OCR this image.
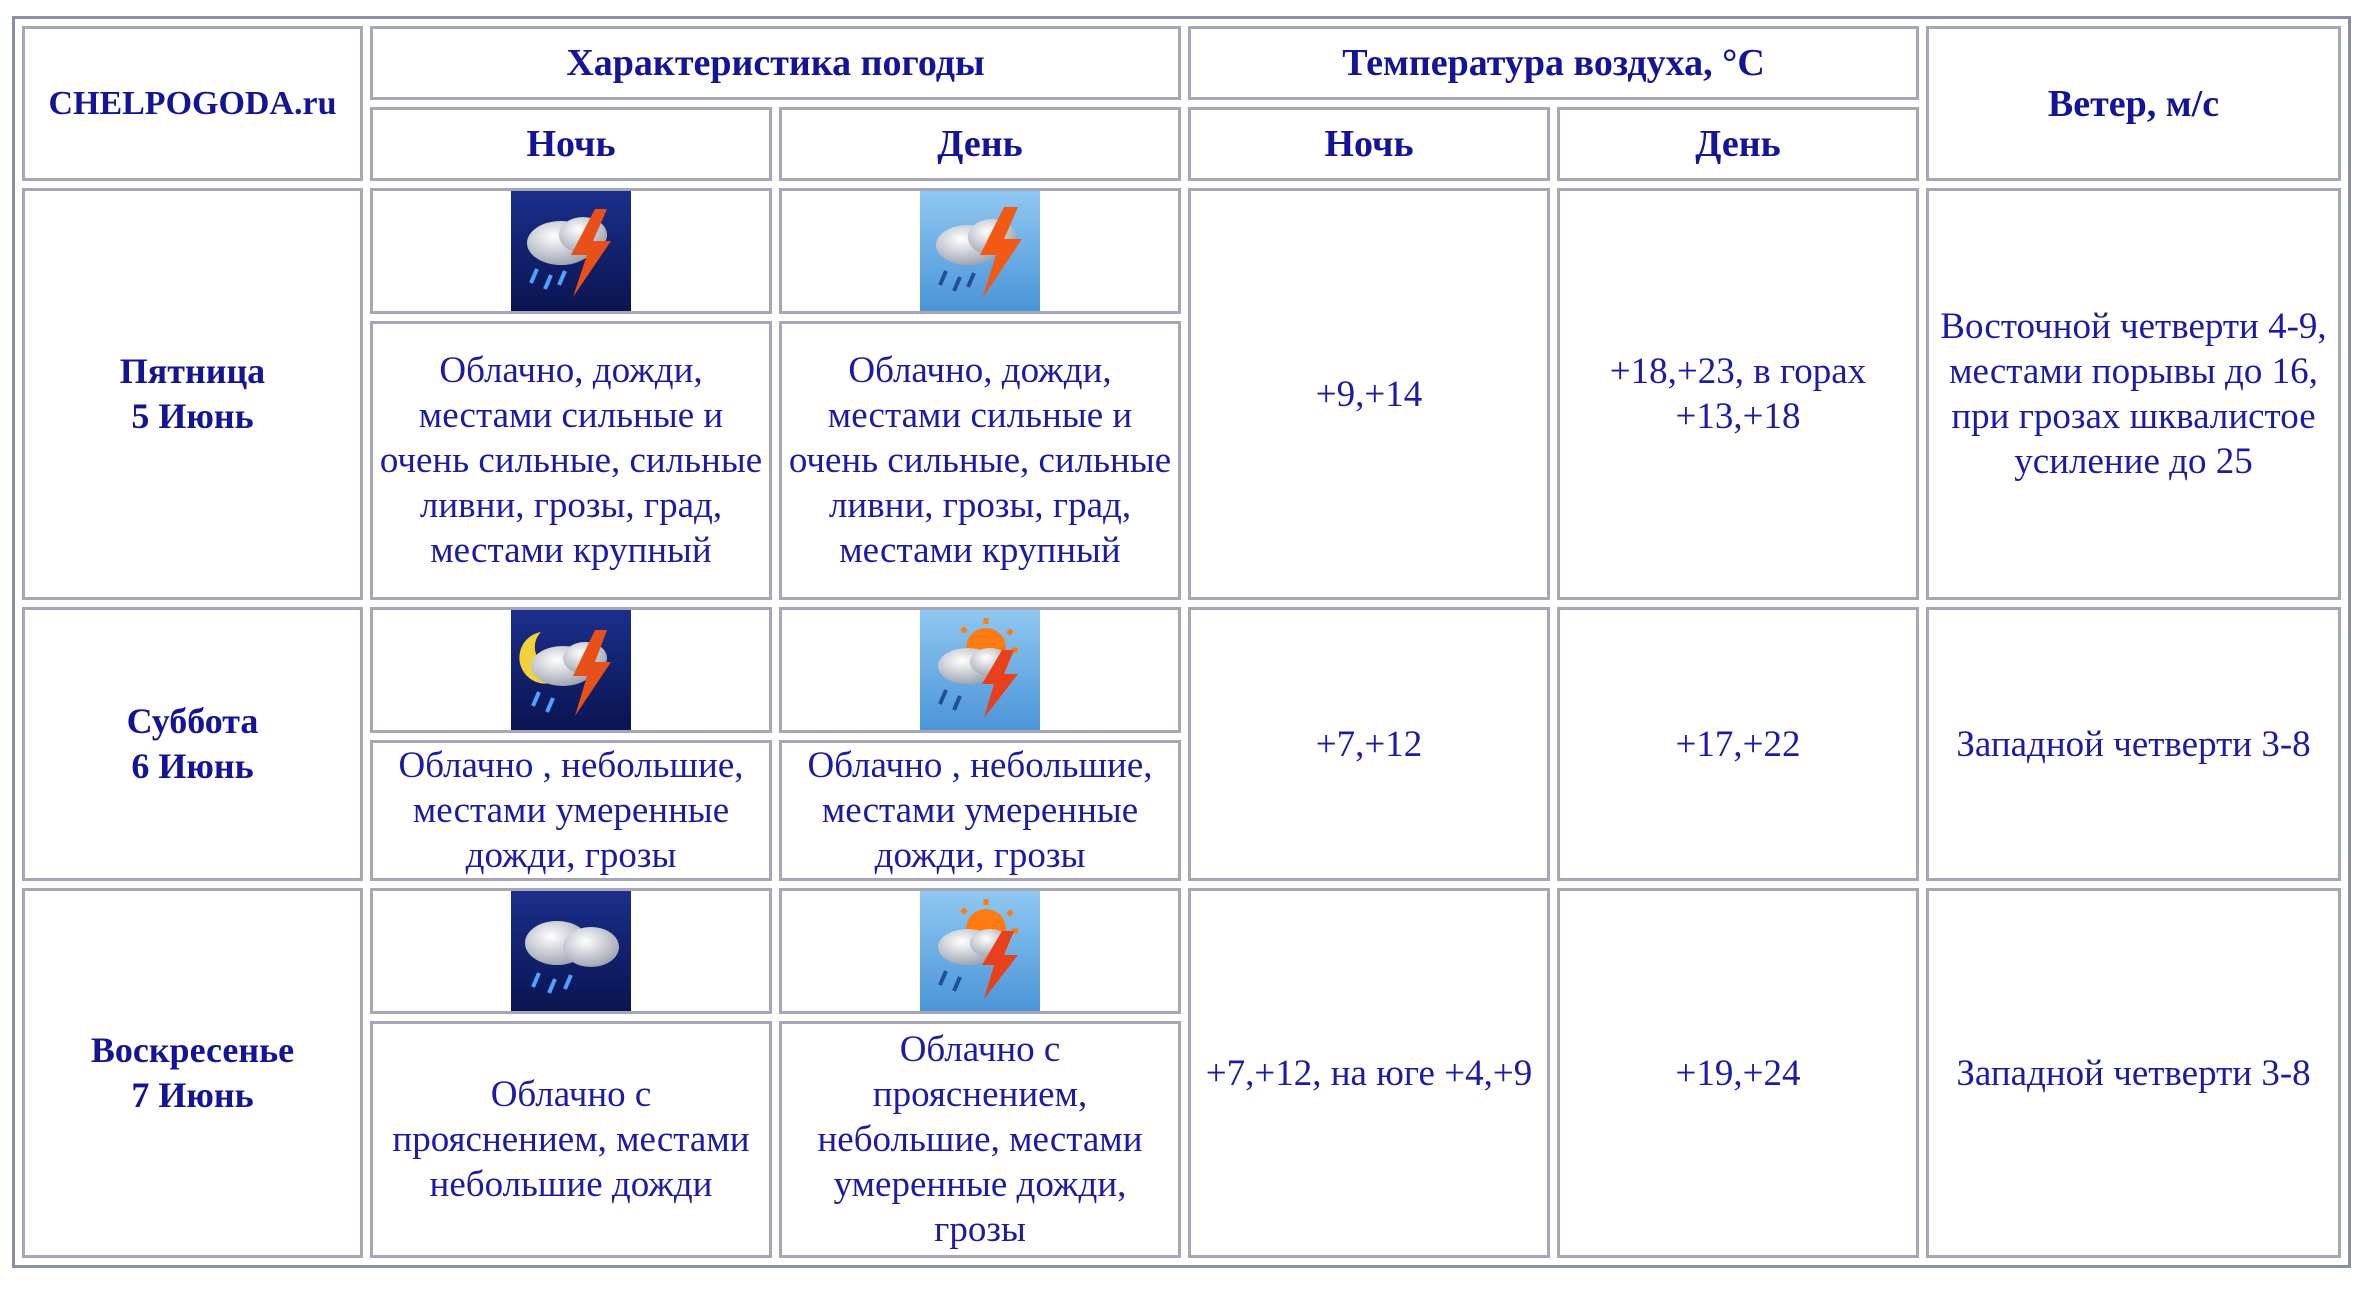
CHELPOGODA.ru	Характеристика погоды		Температура воздуха, °C		Ветер, м/с
	Ночь	День	Ночь	День	
Пятница
5 Июнь			+9,+14	+18,+23, в горах +13,+18	Восточной четверти 4-9, местами порывы до 16, при грозах шквалистое усиление до 25
	Облачно, дожди, местами сильные и очень сильные, сильные ливни, грозы, град, местами крупный	Облачно, дожди, местами сильные и очень сильные, сильные ливни, грозы, град, местами крупный			
Суббота
6 Июнь			+7,+12	+17,+22	Западной четверти 3-8
	Облачно , небольшие, местами умеренные дожди, грозы	Облачно , небольшие, местами умеренные дожди, грозы			
Воскресенье
7 Июнь			+7,+12, на юге +4,+9	+19,+24	Западной четверти 3-8
	Облачно с прояснением, местами небольшие дожди	Облачно с прояснением, небольшие, местами умеренные дожди, грозы			
